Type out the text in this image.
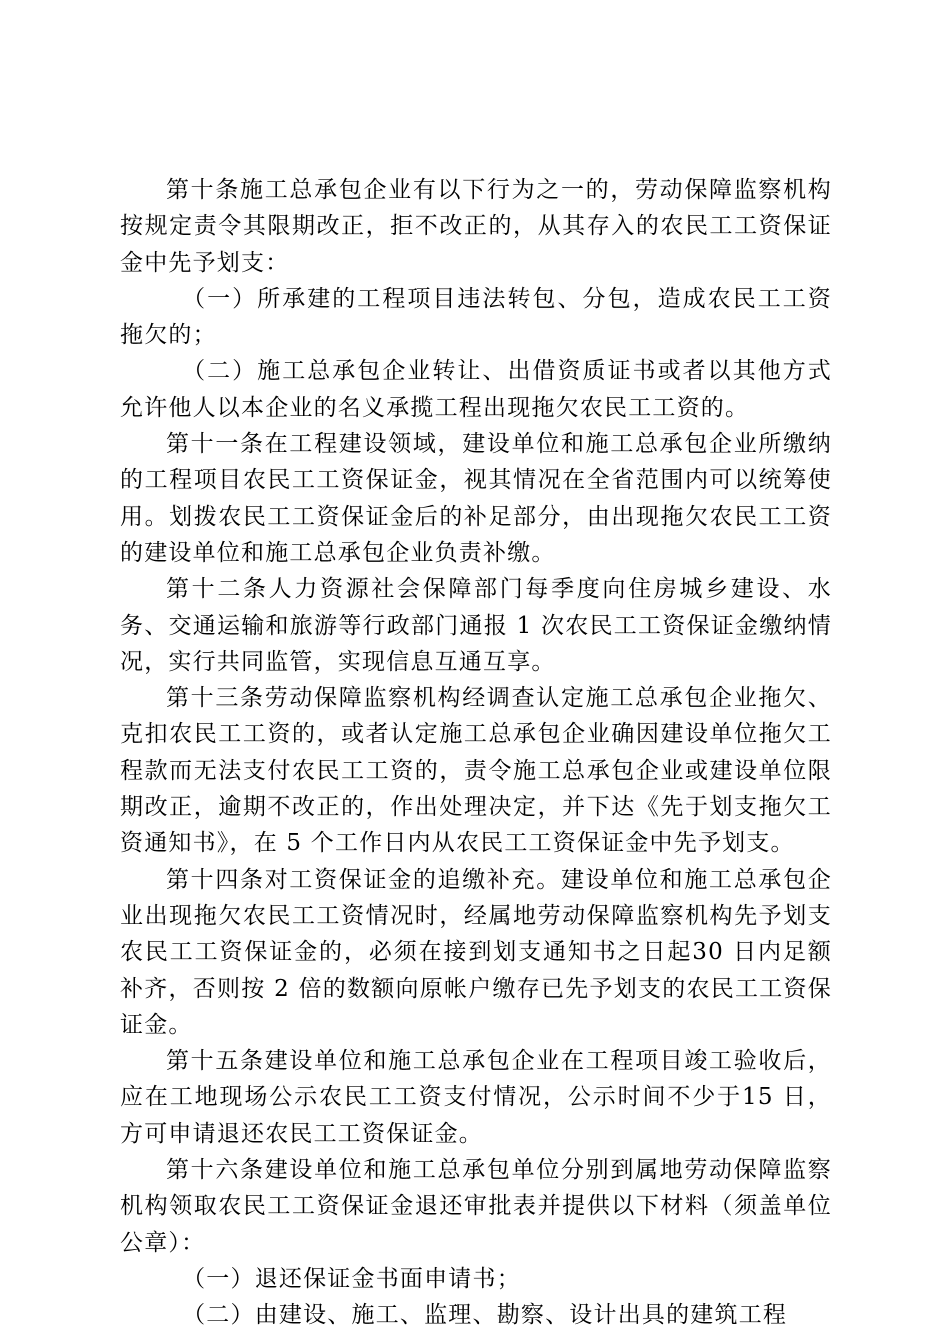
第十条施工总承包企业有以下行为之一的，劳动保障监察机构按规定责令其限期改正，拒不改正的，从其存入的农民工工资保证金中先予划支：

（一）所承建的工程项目违法转包、分包，造成农民工工资拖欠的；

（二）施工总承包企业转让、出借资质证书或者以其他方式允许他人以本企业的名义承揽工程出现拖欠农民工工资的。

第十一条在工程建设领域，建设单位和施工总承包企业所缴纳的工程项目农民工工资保证金，视其情况在全省范围内可以统筹使用。划拨农民工工资保证金后的补足部分，由出现拖欠农民工工资的建设单位和施工总承包企业负责补缴。

第十二条人力资源社会保障部门每季度向住房城乡建设、水务、交通运输和旅游等行政部门通报 1 次农民工工资保证金缴纳情况，实行共同监管，实现信息互通互享。

第十三条劳动保障监察机构经调查认定施工总承包企业拖欠、克扣农民工工资的，或者认定施工总承包企业确因建设单位拖欠工程款而无法支付农民工工资的，责令施工总承包企业或建设单位限期改正，逾期不改正的，作出处理决定，并下达《先于划支拖欠工资通知书》，在 5 个工作日内从农民工工资保证金中先予划支。

第十四条对工资保证金的追缴补充。建设单位和施工总承包企业出现拖欠农民工工资情况时，经属地劳动保障监察机构先予划支农民工工资保证金的，必须在接到划支通知书之日起30 日内足额补齐，否则按 2 倍的数额向原帐户缴存已先予划支的农民工工资保证金。

第十五条建设单位和施工总承包企业在工程项目竣工验收后，应在工地现场公示农民工工资支付情况，公示时间不少于15 日，方可申请退还农民工工资保证金。

第十六条建设单位和施工总承包单位分别到属地劳动保障监察机构领取农民工工资保证金退还审批表并提供以下材料（须盖单位公章）：

（一）退还保证金书面申请书；

（二）由建设、施工、监理、勘察、设计出具的建筑工程
